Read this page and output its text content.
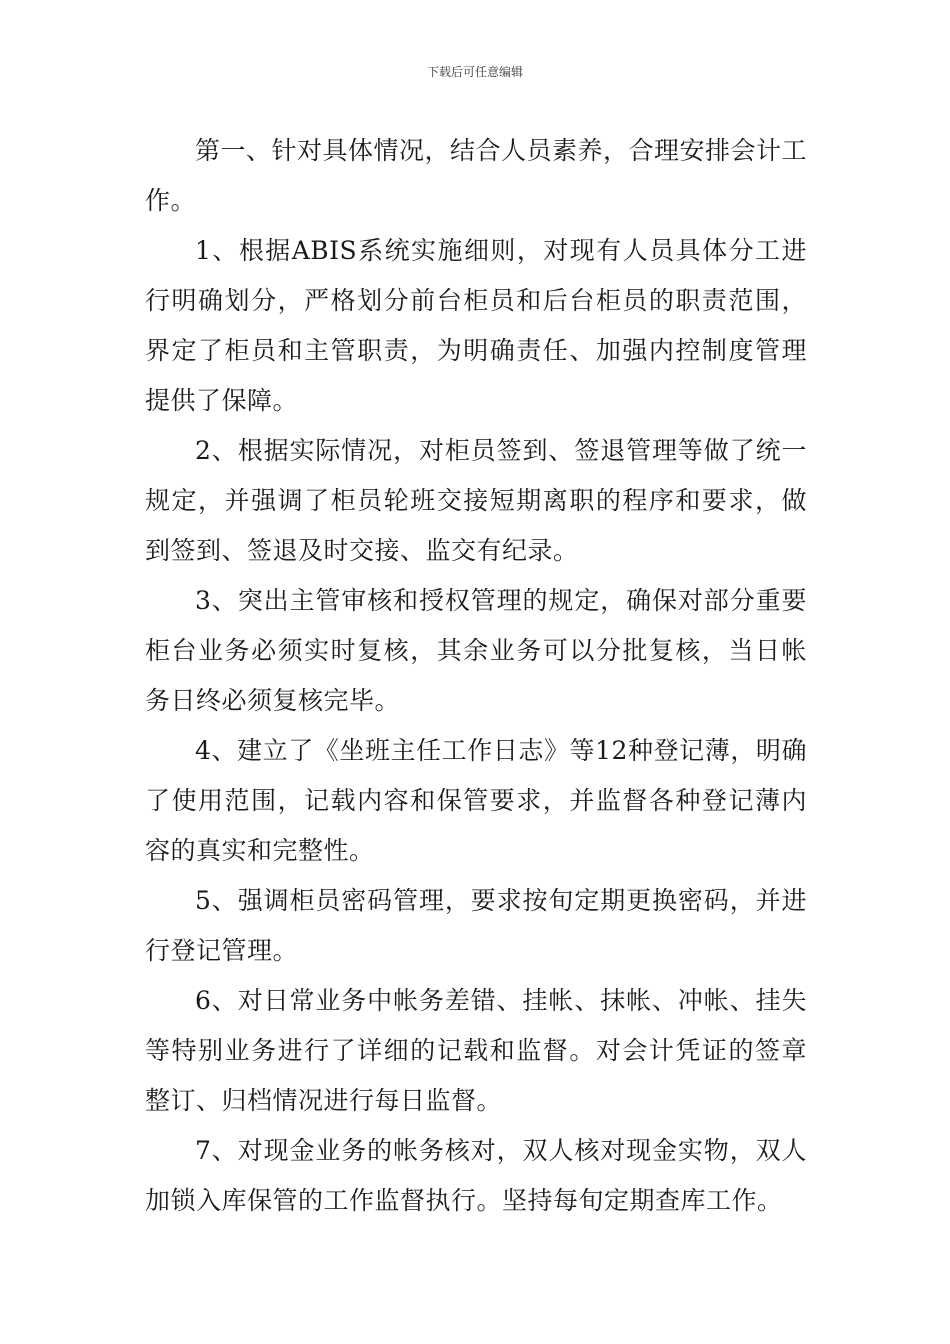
下载后可任意编辑

第一、针对具体情况，结合人员素养，合理安排会计工作。

1、根据ABIS系统实施细则，对现有人员具体分工进行明确划分，严格划分前台柜员和后台柜员的职责范围，界定了柜员和主管职责，为明确责任、加强内控制度管理提供了保障。

2、根据实际情况，对柜员签到、签退管理等做了统一规定，并强调了柜员轮班交接短期离职的程序和要求，做到签到、签退及时交接、监交有纪录。

3、突出主管审核和授权管理的规定，确保对部分重要柜台业务必须实时复核，其余业务可以分批复核，当日帐务日终必须复核完毕。

4、建立了《坐班主任工作日志》等12种登记薄，明确了使用范围，记载内容和保管要求，并监督各种登记薄内容的真实和完整性。

5、强调柜员密码管理，要求按旬定期更换密码，并进行登记管理。

6、对日常业务中帐务差错、挂帐、抹帐、冲帐、挂失等特别业务进行了详细的记载和监督。对会计凭证的签章整订、归档情况进行每日监督。

7、对现金业务的帐务核对，双人核对现金实物，双人加锁入库保管的工作监督执行。坚持每旬定期查库工作。
